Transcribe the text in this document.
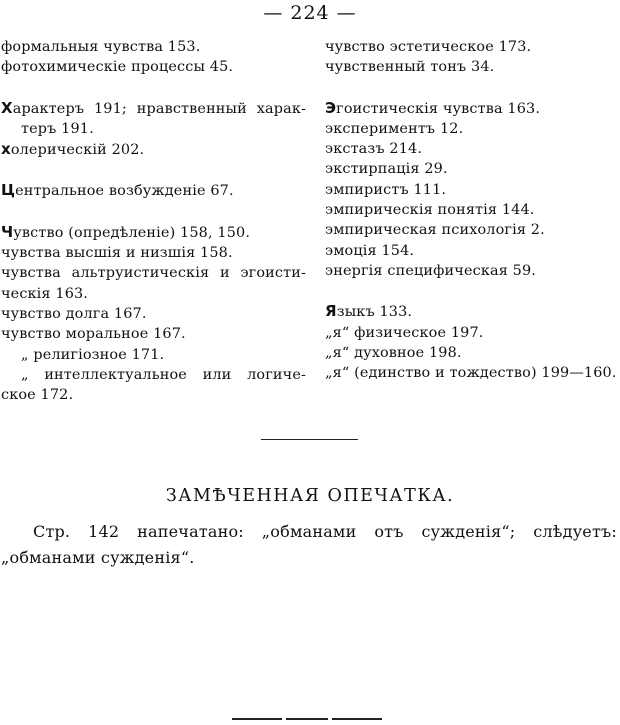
— 224 —
формальныя чувства 153.
фотохимическіе процессы 45.
Характеръ 191; нравственный харак-
теръ 191.
холерическій 202.
Центральное возбужденіе 67.
Чувство (опредѣленіе) 158, 150.
чувства высшія и низшія 158.
чувства альтруистическія и эгоисти-
ческія 163.
чувство долга 167.
чувство моральное 167.
„ религіозное 171.
„ интеллектуальное или логиче-
ское 172.
чувство эстетическое 173.
чувственный тонъ 34.
Эгоистическія чувства 163.
экспериментъ 12.
экстазъ 214.
экстирпація 29.
эмпиристъ 111.
эмпирическія понятія 144.
эмпирическая психологія 2.
эмоція 154.
энергія специфическая 59.
Языкъ 133.
„я“ физическое 197.
„я“ духовное 198.
„я“ (единство и тождество) 199—160.
ЗАМѢЧЕННАЯ ОПЕЧАТКА.
Стр. 142 напечатано: „обманами отъ сужденія“; слѣдуетъ: „обманами сужденія“.
